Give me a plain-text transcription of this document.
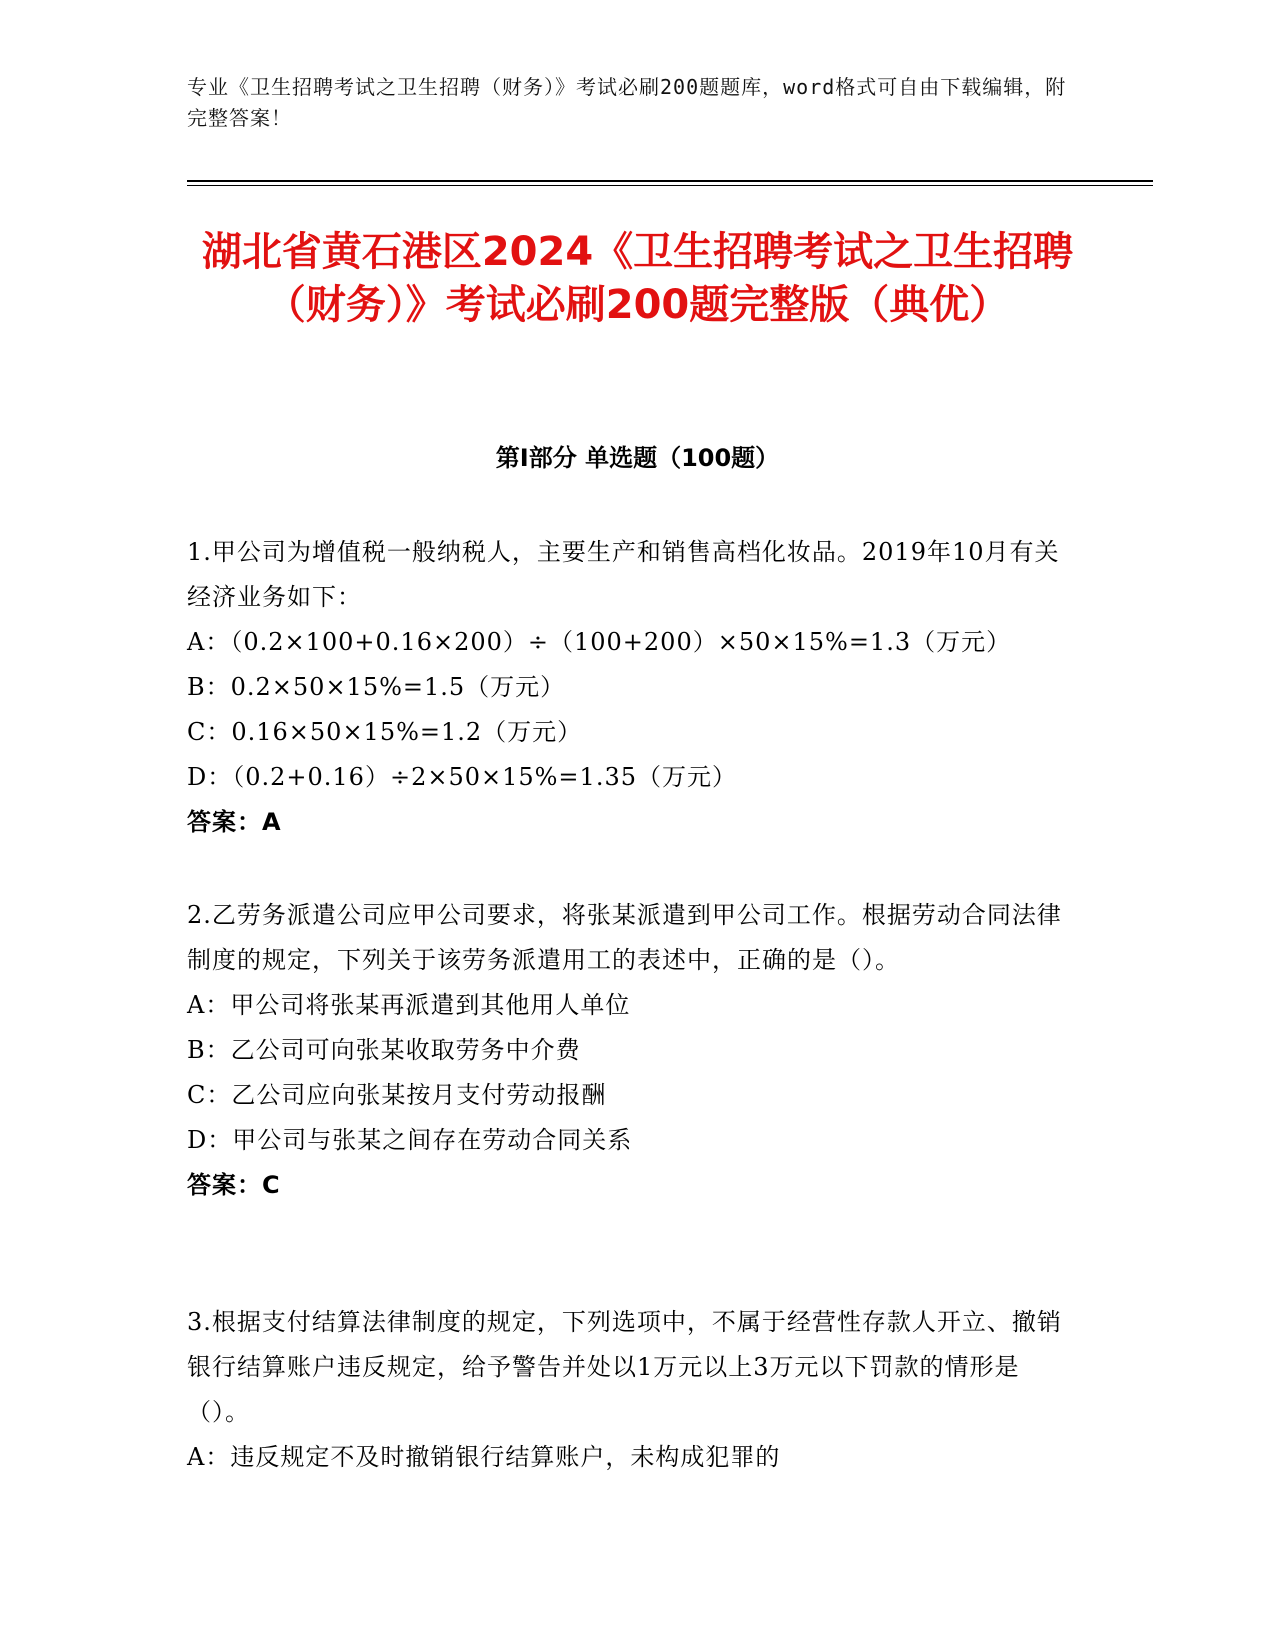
专业《卫生招聘考试之卫生招聘（财务）》考试必刷200题题库，word格式可自由下载编辑，附完整答案！
湖北省黄石港区2024《卫生招聘考试之卫生招聘（财务）》考试必刷200题完整版（典优）
第Ⅰ部分 单选题（100题）

1.甲公司为增值税一般纳税人，主要生产和销售高档化妆品。2019年10月有关经济业务如下：

A：（0.2×100+0.16×200）÷（100+200）×50×15%=1.3（万元）
B：0.2×50×15%=1.5（万元）
C：0.16×50×15%=1.2（万元）
D：（0.2+0.16）÷2×50×15%=1.35（万元）
答案：A

2.乙劳务派遣公司应甲公司要求，将张某派遣到甲公司工作。根据劳动合同法律制度的规定，下列关于该劳务派遣用工的表述中，正确的是（）。

A：甲公司将张某再派遣到其他用人单位
B：乙公司可向张某收取劳务中介费
C：乙公司应向张某按月支付劳动报酬
D：甲公司与张某之间存在劳动合同关系
答案：C

3.根据支付结算法律制度的规定，下列选项中，不属于经营性存款人开立、撤销银行结算账户违反规定，给予警告并处以1万元以上3万元以下罚款的情形是（）。

A：违反规定不及时撤销银行结算账户，未构成犯罪的
